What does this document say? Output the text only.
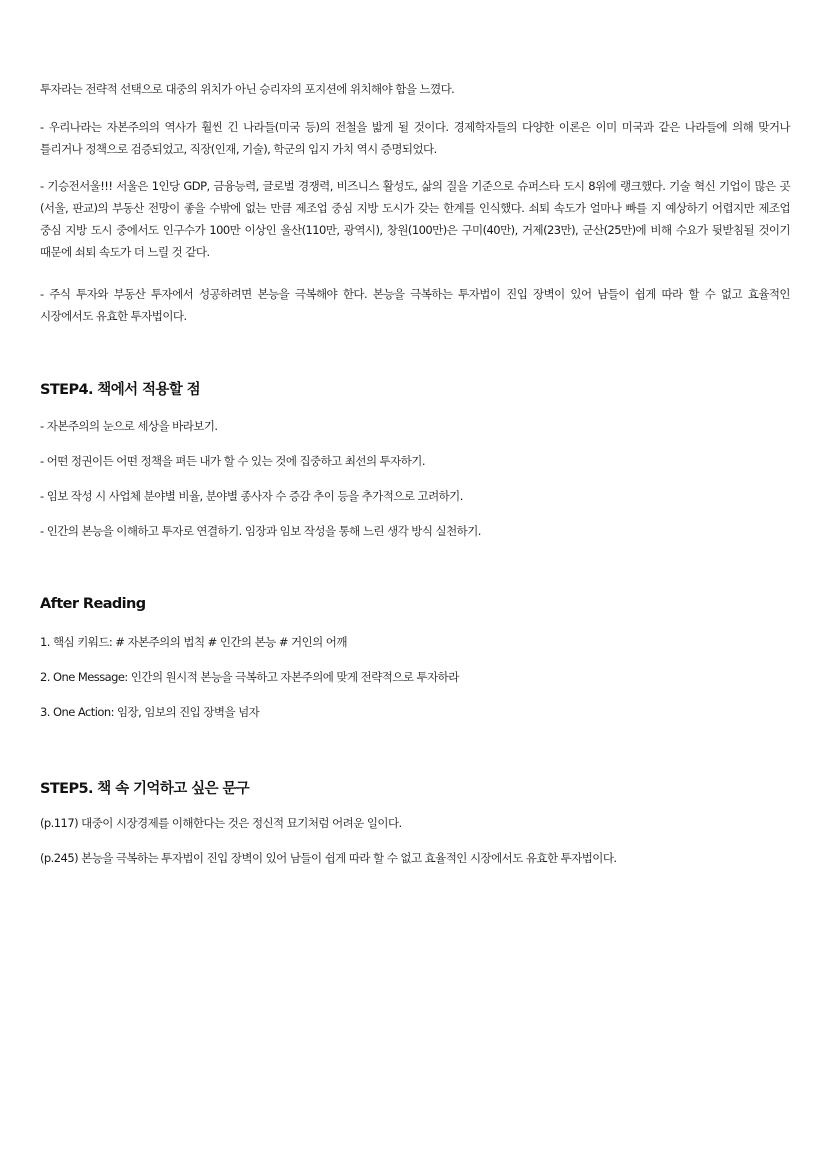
투자라는 전략적 선택으로 대중의 위치가 아닌 승리자의 포지션에 위치해야 함을 느꼈다.

- 우리나라는 자본주의의 역사가 훨씬 긴 나라들(미국 등)의 전철을 밟게 될 것이다. 경제학자들의 다양한 이론은 이미 미국과 같은 나라들에 의해 맞거나 틀리거나 정책으로 검증되었고, 직장(인재, 기술), 학군의 입지 가치 역시 증명되었다.

- 기승전서울!!! 서울은 1인당 GDP, 금융능력, 글로벌 경쟁력, 비즈니스 활성도, 삶의 질을 기준으로 슈퍼스타 도시 8위에 랭크했다. 기술 혁신 기업이 많은 곳(서울, 판교)의 부동산 전망이 좋을 수밖에 없는 만큼 제조업 중심 지방 도시가 갖는 한계를 인식했다. 쇠퇴 속도가 얼마나 빠를 지 예상하기 어렵지만 제조업 중심 지방 도시 중에서도 인구수가 100만 이상인 울산(110만, 광역시), 창원(100만)은 구미(40만), 거제(23만), 군산(25만)에 비해 수요가 뒷받침될 것이기 때문에 쇠퇴 속도가 더 느릴 것 같다.

- 주식 투자와 부동산 투자에서 성공하려면 본능을 극복해야 한다. 본능을 극복하는 투자법이 진입 장벽이 있어 남들이 쉽게 따라 할 수 없고 효율적인 시장에서도 유효한 투자법이다.

STEP4. 책에서 적용할 점

- 자본주의의 눈으로 세상을 바라보기.

- 어떤 정권이든 어떤 정책을 펴든 내가 할 수 있는 것에 집중하고 최선의 투자하기.

- 임보 작성 시 사업체 분야별 비율, 분야별 종사자 수 증감 추이 등을 추가적으로 고려하기.

- 인간의 본능을 이해하고 투자로 연결하기. 임장과 임보 작성을 통해 느린 생각 방식 실천하기.

After Reading

1. 핵심 키워드: # 자본주의의 법칙 # 인간의 본능 # 거인의 어깨

2. One Message: 인간의 원시적 본능을 극복하고 자본주의에 맞게 전략적으로 투자하라

3. One Action: 임장, 임보의 진입 장벽을 넘자

STEP5. 책 속 기억하고 싶은 문구

(p.117) 대중이 시장경제를 이해한다는 것은 정신적 묘기처럼 어려운 일이다.

(p.245) 본능을 극복하는 투자법이 진입 장벽이 있어 남들이 쉽게 따라 할 수 없고 효율적인 시장에서도 유효한 투자법이다.
